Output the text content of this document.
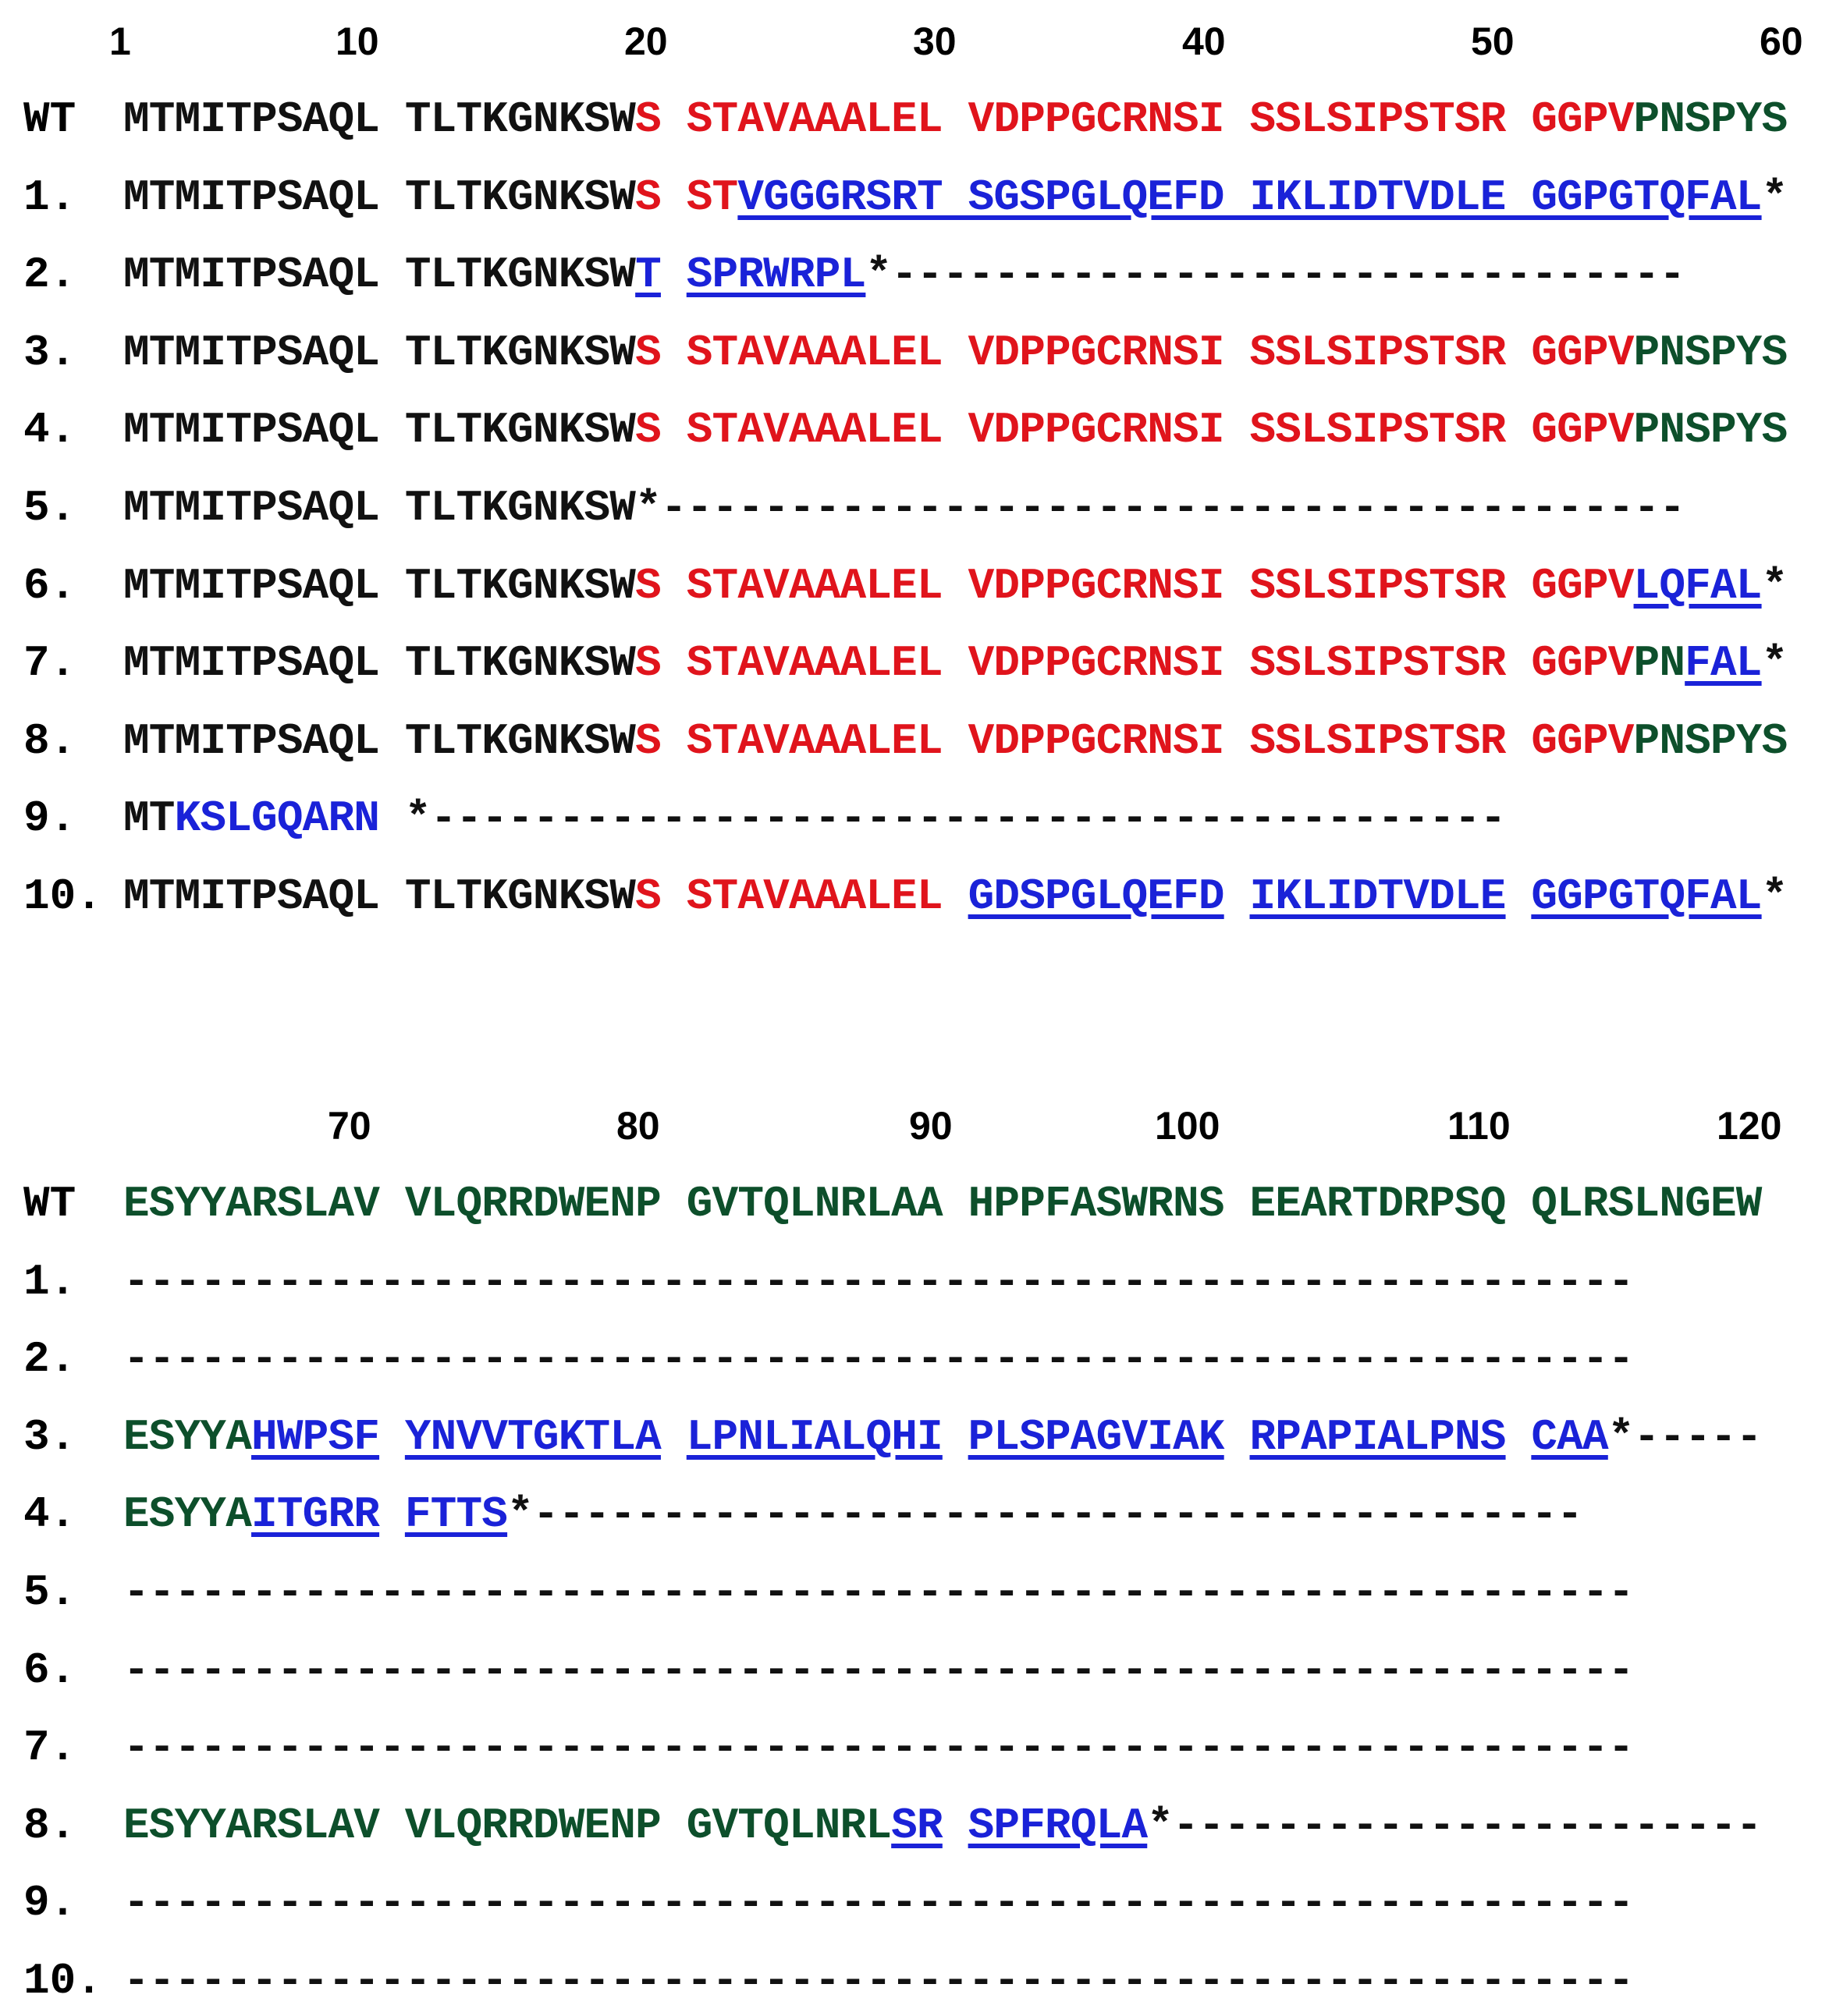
1	10	20	30	40	50	60
WT MTMITPSAQL TLTKGNKSWS STAVAAALEL VDPPGCRNSI SSLSIPSTSR GGPVPNSPYS
1. MTMITPSAQL TLTKGNKSWS STVGGGRSRT SGSPGLQEFD IKLIDTVDLE GGPGTQFAL*
2. MTMITPSAQL TLTKGNKSWT SPRWRPL*-------------------------------
3. MTMITPSAQL TLTKGNKSWS STAVAAALEL VDPPGCRNSI SSLSIPSTSR GGPVPNSPYS
4. MTMITPSAQL TLTKGNKSWS STAVAAALEL VDPPGCRNSI SSLSIPSTSR GGPVPNSPYS
5. MTMITPSAQL TLTKGNKSW*----------------------------------------
6. MTMITPSAQL TLTKGNKSWS STAVAAALEL VDPPGCRNSI SSLSIPSTSR GGPVLQFAL*
7. MTMITPSAQL TLTKGNKSWS STAVAAALEL VDPPGCRNSI SSLSIPSTSR GGPVPNFAL*
8. MTMITPSAQL TLTKGNKSWS STAVAAALEL VDPPGCRNSI SSLSIPSTSR GGPVPNSPYS
9. MTKSLGQARN *------------------------------------------
10. MTMITPSAQL TLTKGNKSWS STAVAAALEL GDSPGLQEFD IKLIDTVDLE GGPGTQFAL*
70	80	90	100	110	120
WT ESYYARSLAV VLQRRDWENP GVTQLNRLAA HPPFASWRNS EEARTDRPSQ QLRSLNGEW
1. -----------------------------------------------------------
2. -----------------------------------------------------------
3. ESYYAHWPSF YNVVTGKTLA LPNLIALQHI PLSPAGVIAK RPAPIALPNS CAA*-----
4. ESYYAITGRR FTTS*-----------------------------------------
5. -----------------------------------------------------------
6. -----------------------------------------------------------
7. -----------------------------------------------------------
8. ESYYARSLAV VLQRRDWENP GVTQLNRLSR SPFRQLA*-----------------------
9. -----------------------------------------------------------
10. -----------------------------------------------------------
